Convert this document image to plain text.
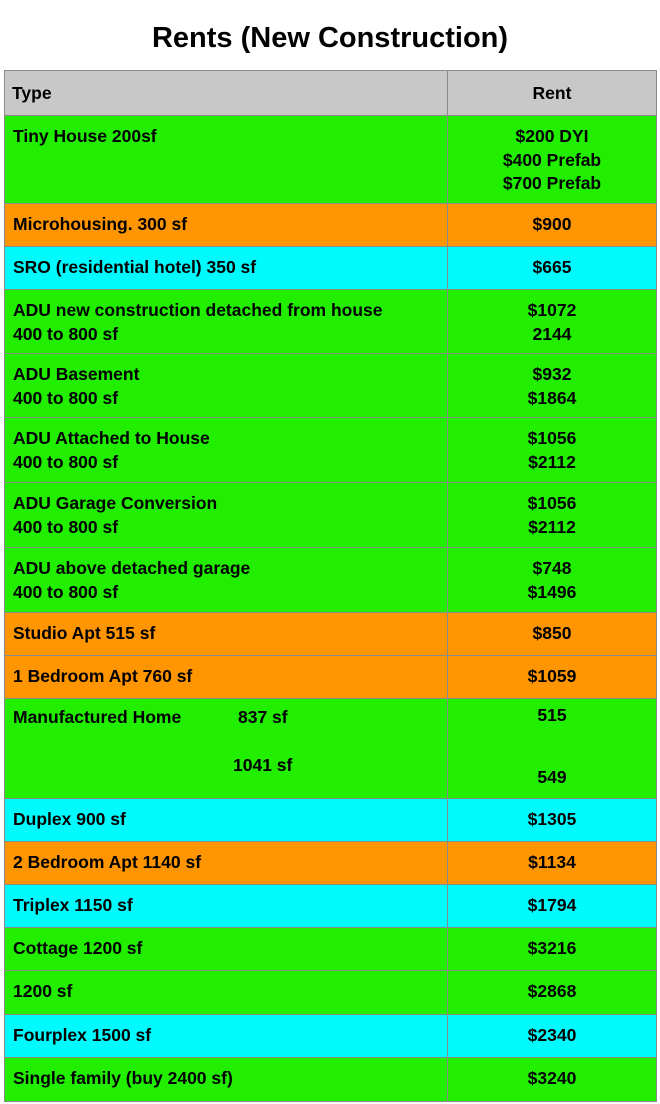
Rents (New Construction)
Type	Rent

Tiny House 200sf	$200 DYI
$400 Prefab
$700 Prefab

Microhousing. 300 sf	$900

SRO (residential hotel) 350 sf	$665

ADU new construction detached from house
400 to 800 sf	$1072
2144

ADU Basement
400 to 800 sf	$932
$1864

ADU Attached to House
400 to 800 sf	$1056
$2112

ADU Garage Conversion
400 to 800 sf	$1056
$2112

ADU above detached garage
400 to 800 sf	$748
$1496

Studio Apt 515 sf	$850

1 Bedroom Apt 760 sf	$1059

Manufactured Home 837 sf
1041 sf	515
549

Duplex 900 sf	$1305

2 Bedroom Apt 1140 sf	$1134

Triplex 1150 sf	$1794

Cottage 1200 sf	$3216

1200 sf	$2868

Fourplex 1500 sf	$2340

Single family (buy 2400 sf)	$3240
